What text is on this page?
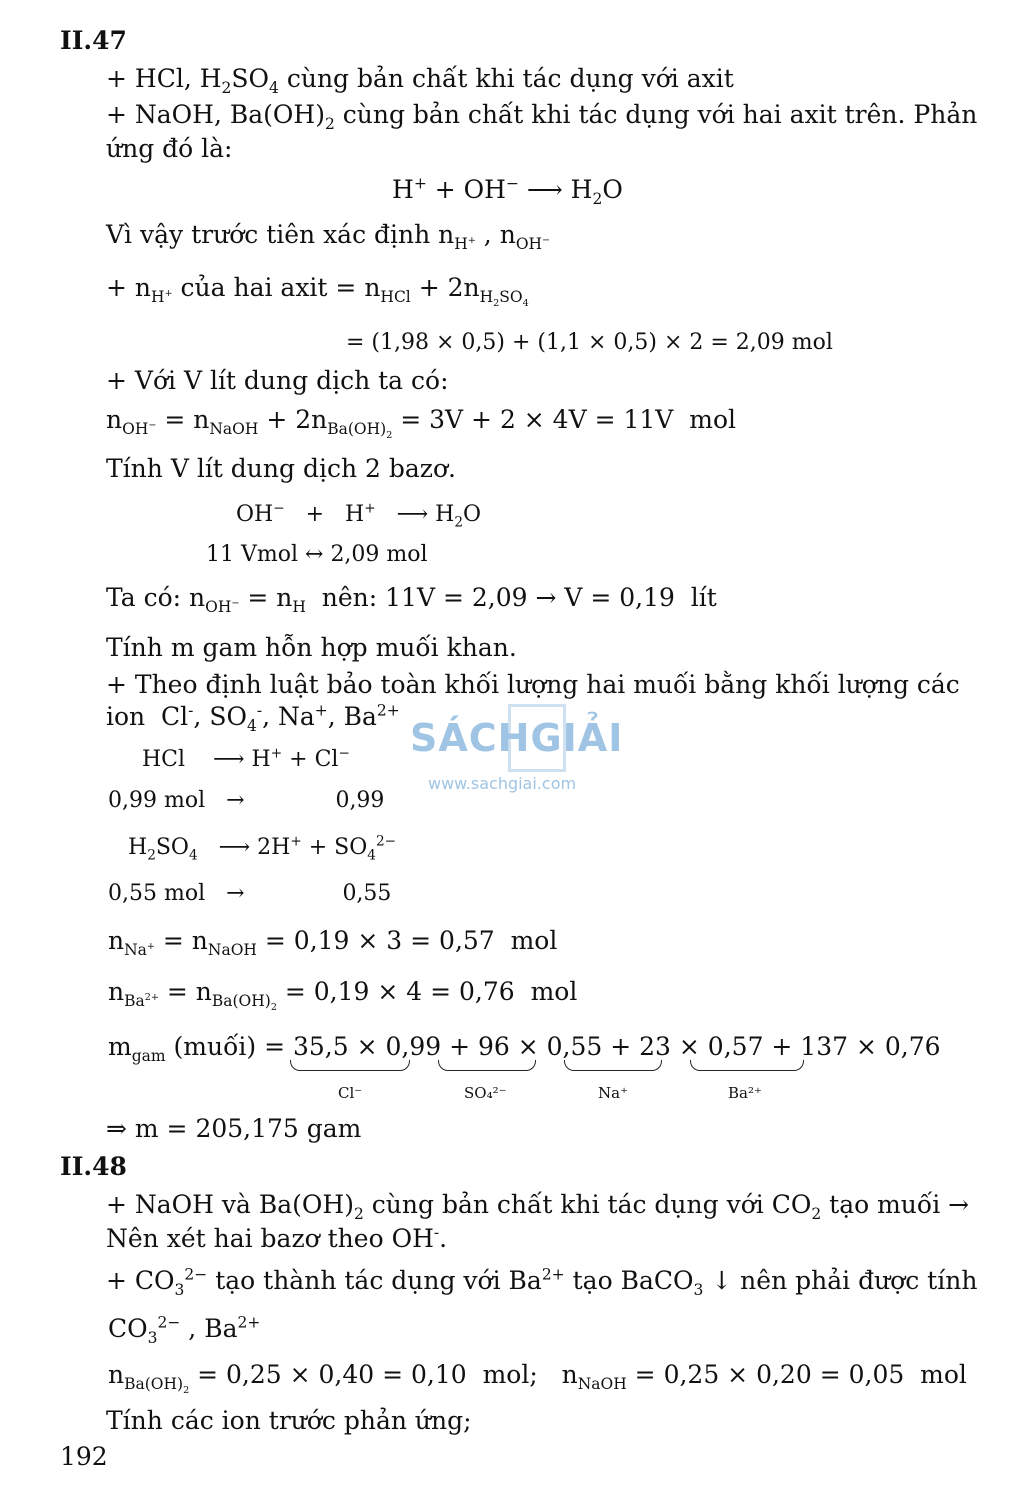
SÁCHGIẢI
www.sachgiai.com
II.47
+ HCl, $H_2SO_4$ cùng bản chất khi tác dụng với axit
+ NaOH, $Ba(OH)_2$ cùng bản chất khi tác dụng với hai axit trên. Phản
ứng đó là:
H+ + OH− ⟶ $H_2O$
Vì vậy trước tiên xác định $n_{H^+}$ , $n_{OH^-}$
+ $n_{H^+}$ của hai axit = $n_{HCl} + 2n_{H_2SO_4}$
= (1,98 × 0,5) + (1,1 × 0,5) × 2 = 2,09 mol
+ Với V lít dung dịch ta có:
$n_{OH^-} = n_{NaOH} + 2n_{Ba(OH)_2} = 3V + 2 \times 4V = 11V$  mol
Tính V lít dung dịch 2 bazơ.
OH−   +   H+   ⟶ $H_2O$
11 Vmol ↔ 2,09 mol
Ta có: $n_{OH^-} = n_H$  nên: 11V = 2,09 → V = 0,19  lít
Tính m gam hỗn hợp muối khan.
+ Theo định luật bảo toàn khối lượng hai muối bằng khối lượng các
ion  Cl-, $SO_4^-$, Na+, $Ba^{2+}$
HCl    ⟶ H+ + Cl−
0,99 mol   →             0,99
$H_2SO_4$   ⟶ $2H^+ + SO_4^{2-}$
0,55 mol   →              0,55
$n_{Na^+} = n_{NaOH} = 0,19 \times 3 = 0,57$  mol
$n_{Ba^{2+}} = n_{Ba(OH)_2} = 0,19 \times 4 = 0,76$  mol
$m_{gam}$ (muối) = 35,5 × 0,99 + 96 × 0,55 + 23 × 0,57 + 137 × 0,76
Cl⁻	SO₄²⁻	Na⁺	Ba²⁺
⇒ m = 205,175 gam
II.48
+ NaOH và $Ba(OH)_2$ cùng bản chất khi tác dụng với $CO_2$ tạo muối →
Nên xét hai bazơ theo OH-.
+ $CO_3^{2-}$ tạo thành tác dụng với $Ba^{2+}$ tạo BaCO$_3$ ↓ nên phải được tính
$CO_3^{2-}$ , $Ba^{2+}$
$n_{Ba(OH)_2} = 0,25 \times 0,40 = 0,10$  mol;   $n_{NaOH} = 0,25 \times 0,20 = 0,05$  mol
Tính các ion trước phản ứng;
192
